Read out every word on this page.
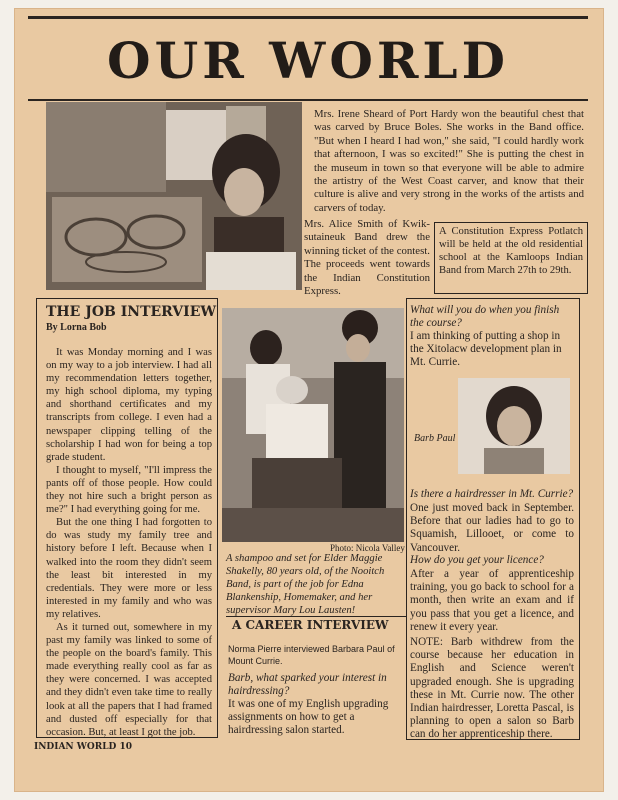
OUR WORLD
Mrs. Irene Sheard of Port Hardy won the beautiful chest that was carved by Bruce Boles. She works in the Band office. "But when I heard I had won," she said, "I could hardly work that afternoon, I was so excited!" She is putting the chest in the museum in town so that everyone will be able to admire the artistry of the West Coast carver, and know that their culture is alive and very strong in the works of the artists and carvers of today.
Mrs. Alice Smith of Kwik-sutaineuk Band drew the winning ticket of the contest. The proceeds went towards the Indian Constitution Express.
A Constitution Express Potlatch will be held at the old residential school at the Kamloops Indian Band from March 27th to 29th.
THE JOB INTERVIEW
By Lorna Bob

It was Monday morning and I was on my way to a job interview. I had all my recommendation letters together, my high school diploma, my typing and shorthand certificates and my transcripts from college. I even had a newspaper clipping telling of the scholarship I had won for being a top grade student.

I thought to myself, "I'll impress the pants off of those people. How could they not hire such a bright person as me?" I had everything going for me.

But the one thing I had forgotten to do was study my family tree and history before I left. Because when I walked into the room they didn't seem the least bit interested in my credentials. They were more or less interested in my family and who was my relatives.

As it turned out, somewhere in my past my family was linked to some of the people on the board's family. This made everything really cool as far as they were concerned. I was accepted and they didn't even take time to really look at all the papers that I had framed and dusted off especially for that occasion. But, at least I got the job.

Photo: Nicola Valley
A shampoo and set for Elder Maggie Shakelly, 80 years old, of the Nooitch Band, is part of the job for Edna Blankenship, Homemaker, and her supervisor Mary Lou Lausten!
A CAREER INTERVIEW
Norma Pierre interviewed Barbara Paul of Mount Currie.
Barb, what sparked your interest in hairdressing?
It was one of my English upgrading assignments on how to get a hairdressing salon started.
What will you do when you finish the course?
I am thinking of putting a shop in the Xitolacw development plan in Mt. Currie.
Barb Paul
Is there a hairdresser in Mt. Currie?
One just moved back in September. Before that our ladies had to go to Squamish, Lillooet, or come to Vancouver.
How do you get your licence?
After a year of apprenticeship training, you go back to school for a month, then write an exam and if you pass that you get a licence, and renew it every year.
NOTE: Barb withdrew from the course because her education in English and Science weren't upgraded enough. She is upgrading these in Mt. Currie now. The other Indian hairdresser, Loretta Pascal, is planning to open a salon so Barb can do her apprenticeship there.
INDIAN WORLD 10
